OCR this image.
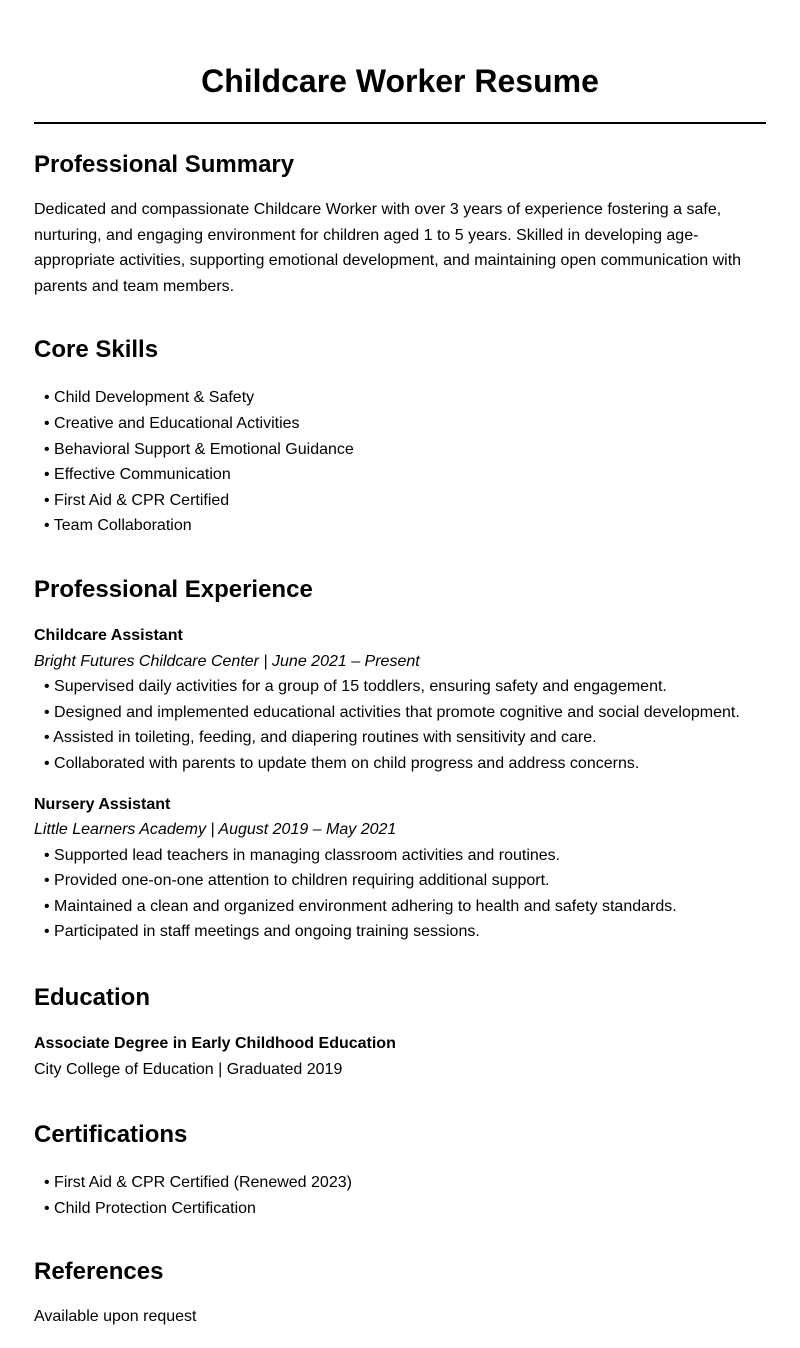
Childcare Worker Resume
Professional Summary

Dedicated and compassionate Childcare Worker with over 3 years of experience fostering a safe, nurturing, and engaging environment for children aged 1 to 5 years. Skilled in developing age-appropriate activities, supporting emotional development, and maintaining open communication with parents and team members.

Core Skills
• Child Development & Safety
• Creative and Educational Activities
• Behavioral Support & Emotional Guidance
• Effective Communication
• First Aid & CPR Certified
• Team Collaboration
Professional Experience

Childcare Assistant

Bright Futures Childcare Center | June 2021 – Present

• Supervised daily activities for a group of 15 toddlers, ensuring safety and engagement.
• Designed and implemented educational activities that promote cognitive and social development.
• Assisted in toileting, feeding, and diapering routines with sensitivity and care.
• Collaborated with parents to update them on child progress and address concerns.

Nursery Assistant

Little Learners Academy | August 2019 – May 2021

• Supported lead teachers in managing classroom activities and routines.
• Provided one-on-one attention to children requiring additional support.
• Maintained a clean and organized environment adhering to health and safety standards.
• Participated in staff meetings and ongoing training sessions.
Education

Associate Degree in Early Childhood Education

City College of Education | Graduated 2019

Certifications
• First Aid & CPR Certified (Renewed 2023)
• Child Protection Certification
References

Available upon request
